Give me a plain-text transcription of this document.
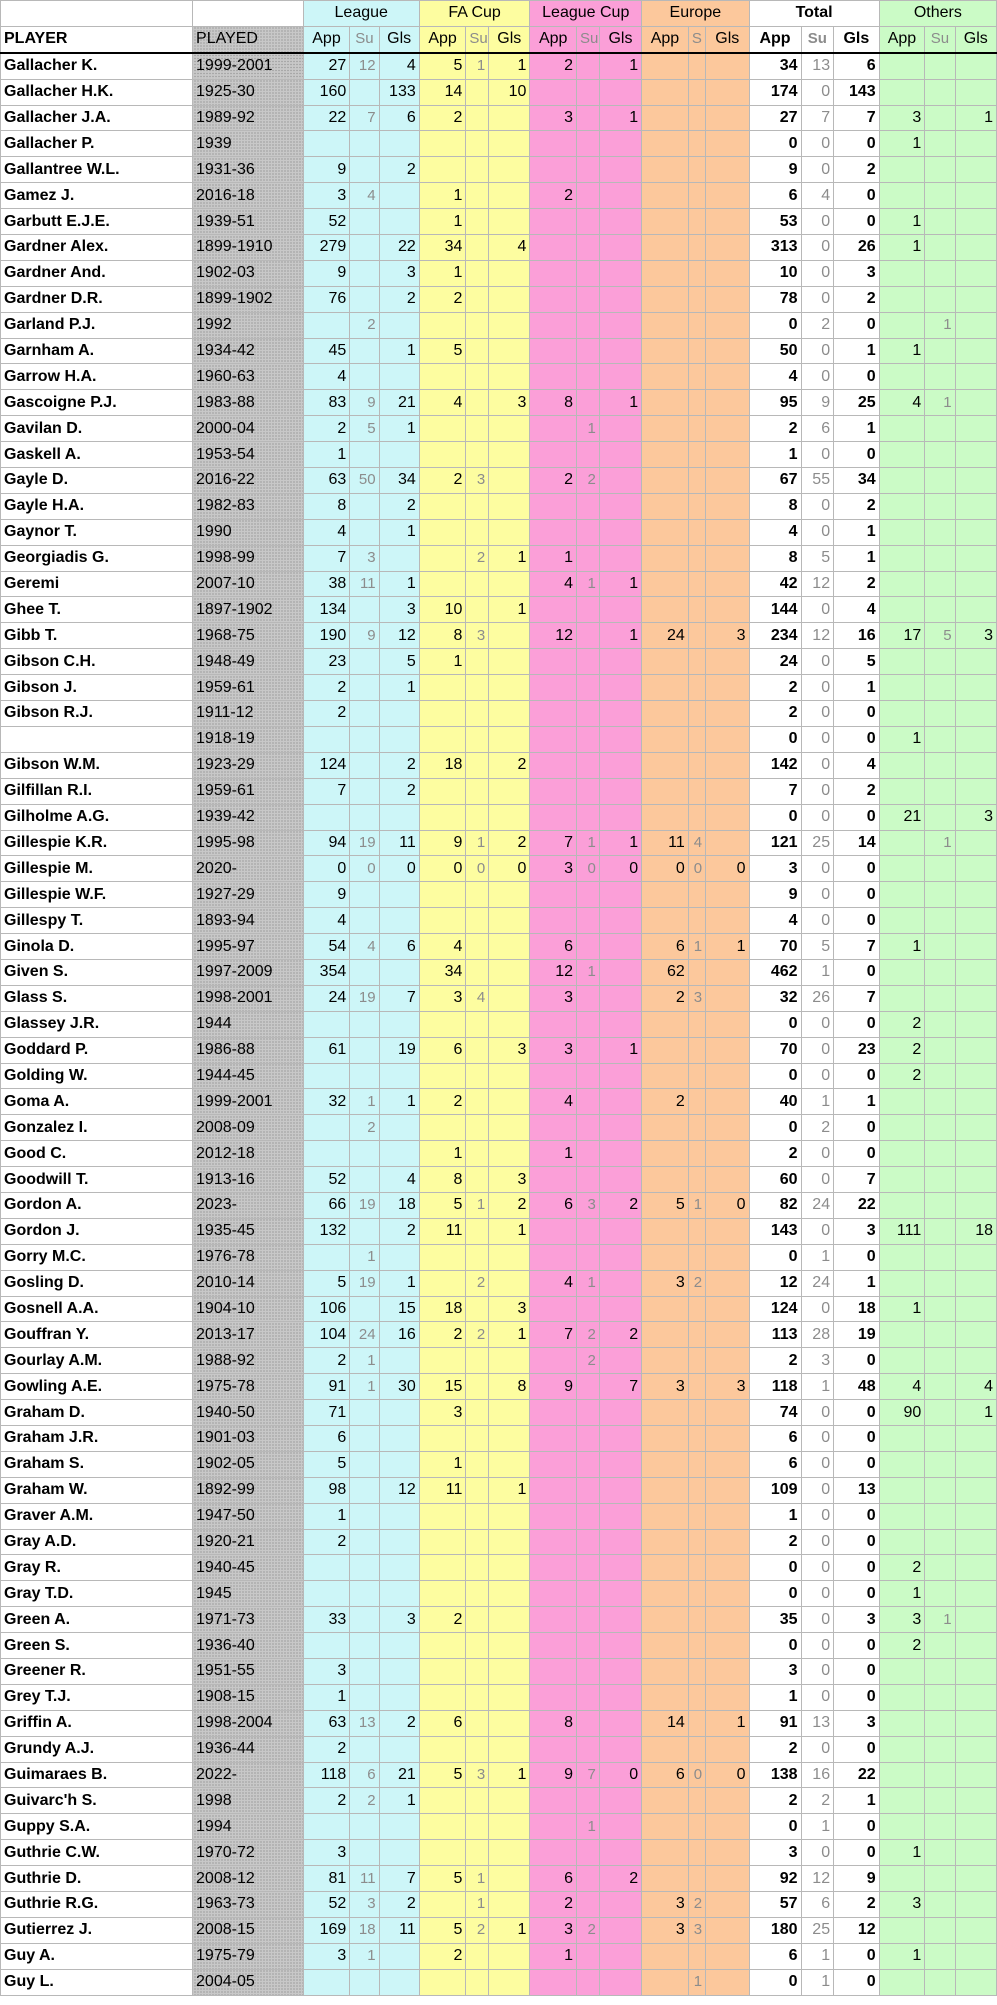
		League			FA Cup			League Cup			Europe			Total			Others		
PLAYER	PLAYED	App	Su	Gls	App	Su	Gls	App	Su	Gls	App	S	Gls	App	Su	Gls	App	Su	Gls
Gallacher K.	1999-2001	27	12	4	5	1	1	2		1				34	13	6			
Gallacher H.K.	1925-30	160		133	14		10							174	0	143			
Gallacher J.A.	1989-92	22	7	6	2			3		1				27	7	7	3		1
Gallacher P.	1939													0	0	0	1		
Gallantree W.L.	1931-36	9		2										9	0	2			
Gamez J.	2016-18	3	4		1			2						6	4	0			
Garbutt E.J.E.	1939-51	52			1									53	0	0	1		
Gardner Alex.	1899-1910	279		22	34		4							313	0	26	1		
Gardner And.	1902-03	9		3	1									10	0	3			
Gardner D.R.	1899-1902	76		2	2									78	0	2			
Garland P.J.	1992		2											0	2	0		1	
Garnham A.	1934-42	45		1	5									50	0	1	1		
Garrow H.A.	1960-63	4												4	0	0			
Gascoigne P.J.	1983-88	83	9	21	4		3	8		1				95	9	25	4	1	
Gavilan D.	2000-04	2	5	1					1					2	6	1			
Gaskell A.	1953-54	1												1	0	0			
Gayle D.	2016-22	63	50	34	2	3		2	2					67	55	34			
Gayle H.A.	1982-83	8		2										8	0	2			
Gaynor T.	1990	4		1										4	0	1			
Georgiadis G.	1998-99	7	3			2	1	1						8	5	1			
Geremi	2007-10	38	11	1				4	1	1				42	12	2			
Ghee T.	1897-1902	134		3	10		1							144	0	4			
Gibb T.	1968-75	190	9	12	8	3		12		1	24		3	234	12	16	17	5	3
Gibson C.H.	1948-49	23		5	1									24	0	5			
Gibson J.	1959-61	2		1										2	0	1			
Gibson R.J.	1911-12	2												2	0	0			
	1918-19													0	0	0	1		
Gibson W.M.	1923-29	124		2	18		2							142	0	4			
Gilfillan R.I.	1959-61	7		2										7	0	2			
Gilholme A.G.	1939-42													0	0	0	21		3
Gillespie K.R.	1995-98	94	19	11	9	1	2	7	1	1	11	4		121	25	14		1	
Gillespie M.	2020-	0	0	0	0	0	0	3	0	0	0	0	0	3	0	0			
Gillespie W.F.	1927-29	9												9	0	0			
Gillespy T.	1893-94	4												4	0	0			
Ginola D.	1995-97	54	4	6	4			6			6	1	1	70	5	7	1		
Given S.	1997-2009	354			34			12	1		62			462	1	0			
Glass S.	1998-2001	24	19	7	3	4		3			2	3		32	26	7			
Glassey J.R.	1944													0	0	0	2		
Goddard P.	1986-88	61		19	6		3	3		1				70	0	23	2		
Golding W.	1944-45													0	0	0	2		
Goma A.	1999-2001	32	1	1	2			4			2			40	1	1			
Gonzalez I.	2008-09		2											0	2	0			
Good C.	2012-18				1			1						2	0	0			
Goodwill T.	1913-16	52		4	8		3							60	0	7			
Gordon A.	2023-	66	19	18	5	1	2	6	3	2	5	1	0	82	24	22			
Gordon J.	1935-45	132		2	11		1							143	0	3	111		18
Gorry M.C.	1976-78		1											0	1	0			
Gosling D.	2010-14	5	19	1		2		4	1		3	2		12	24	1			
Gosnell A.A.	1904-10	106		15	18		3							124	0	18	1		
Gouffran Y.	2013-17	104	24	16	2	2	1	7	2	2				113	28	19			
Gourlay A.M.	1988-92	2	1						2					2	3	0			
Gowling A.E.	1975-78	91	1	30	15		8	9		7	3		3	118	1	48	4		4
Graham D.	1940-50	71			3									74	0	0	90		1
Graham J.R.	1901-03	6												6	0	0			
Graham S.	1902-05	5			1									6	0	0			
Graham W.	1892-99	98		12	11		1							109	0	13			
Graver A.M.	1947-50	1												1	0	0			
Gray A.D.	1920-21	2												2	0	0			
Gray R.	1940-45													0	0	0	2		
Gray T.D.	1945													0	0	0	1		
Green A.	1971-73	33		3	2									35	0	3	3	1	
Green S.	1936-40													0	0	0	2		
Greener R.	1951-55	3												3	0	0			
Grey T.J.	1908-15	1												1	0	0			
Griffin A.	1998-2004	63	13	2	6			8			14		1	91	13	3			
Grundy A.J.	1936-44	2												2	0	0			
Guimaraes B.	2022-	118	6	21	5	3	1	9	7	0	6	0	0	138	16	22			
Guivarc'h S.	1998	2	2	1										2	2	1			
Guppy S.A.	1994								1					0	1	0			
Guthrie C.W.	1970-72	3												3	0	0	1		
Guthrie D.	2008-12	81	11	7	5	1		6		2				92	12	9			
Guthrie R.G.	1963-73	52	3	2		1		2			3	2		57	6	2	3		
Gutierrez J.	2008-15	169	18	11	5	2	1	3	2		3	3		180	25	12			
Guy A.	1975-79	3	1		2			1						6	1	0	1		
Guy L.	2004-05											1		0	1	0			
